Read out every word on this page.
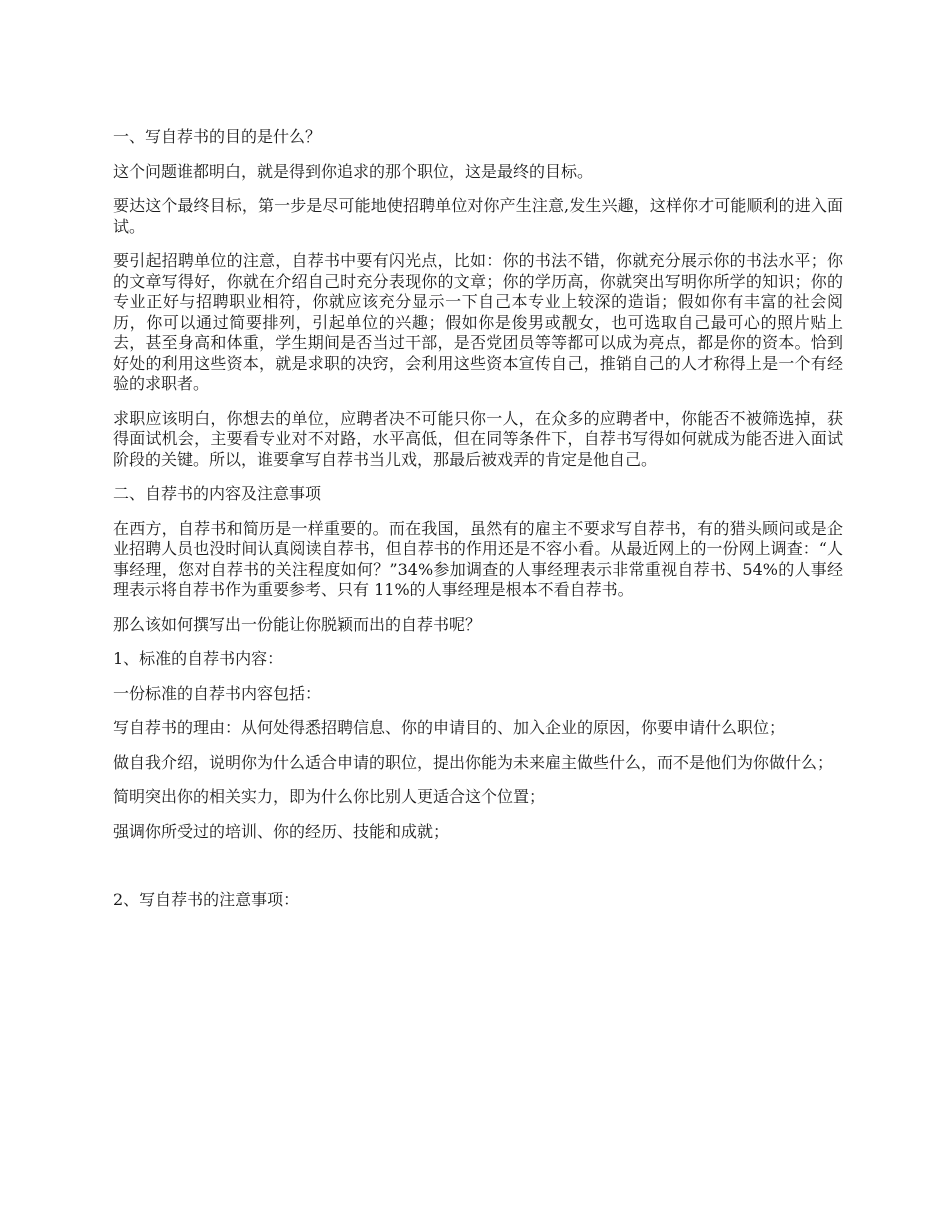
一、写自荐书的目的是什么？

这个问题谁都明白，就是得到你追求的那个职位，这是最终的目标。

要达这个最终目标，第一步是尽可能地使招聘单位对你产生注意,发生兴趣，这样你才可能顺利的进入面试。

要引起招聘单位的注意，自荐书中要有闪光点，比如：你的书法不错，你就充分展示你的书法水平；你的文章写得好，你就在介绍自己时充分表现你的文章；你的学历高，你就突出写明你所学的知识；你的专业正好与招聘职业相符，你就应该充分显示一下自己本专业上较深的造诣；假如你有丰富的社会阅历，你可以通过简要排列，引起单位的兴趣；假如你是俊男或靓女，也可选取自己最可心的照片贴上去，甚至身高和体重，学生期间是否当过干部，是否党团员等等都可以成为亮点，都是你的资本。恰到好处的利用这些资本，就是求职的决窍，会利用这些资本宣传自己，推销自己的人才称得上是一个有经验的求职者。

求职应该明白，你想去的单位，应聘者决不可能只你一人，在众多的应聘者中，你能否不被筛选掉，获得面试机会，主要看专业对不对路，水平高低，但在同等条件下，自荐书写得如何就成为能否进入面试阶段的关键。所以，谁要拿写自荐书当儿戏，那最后被戏弄的肯定是他自己。

二、自荐书的内容及注意事项

在西方，自荐书和简历是一样重要的。而在我国，虽然有的雇主不要求写自荐书，有的猎头顾问或是企业招聘人员也没时间认真阅读自荐书，但自荐书的作用还是不容小看。从最近网上的一份网上调查：“人事经理，您对自荐书的关注程度如何？”34%参加调查的人事经理表示非常重视自荐书、54%的人事经理表示将自荐书作为重要参考、只有 11%的人事经理是根本不看自荐书。

那么该如何撰写出一份能让你脱颖而出的自荐书呢？

1、标准的自荐书内容：

一份标准的自荐书内容包括：

写自荐书的理由：从何处得悉招聘信息、你的申请目的、加入企业的原因，你要申请什么职位；

做自我介绍，说明你为什么适合申请的职位，提出你能为未来雇主做些什么，而不是他们为你做什么；

简明突出你的相关实力，即为什么你比别人更适合这个位置；

强调你所受过的培训、你的经历、技能和成就；

2、写自荐书的注意事项：
